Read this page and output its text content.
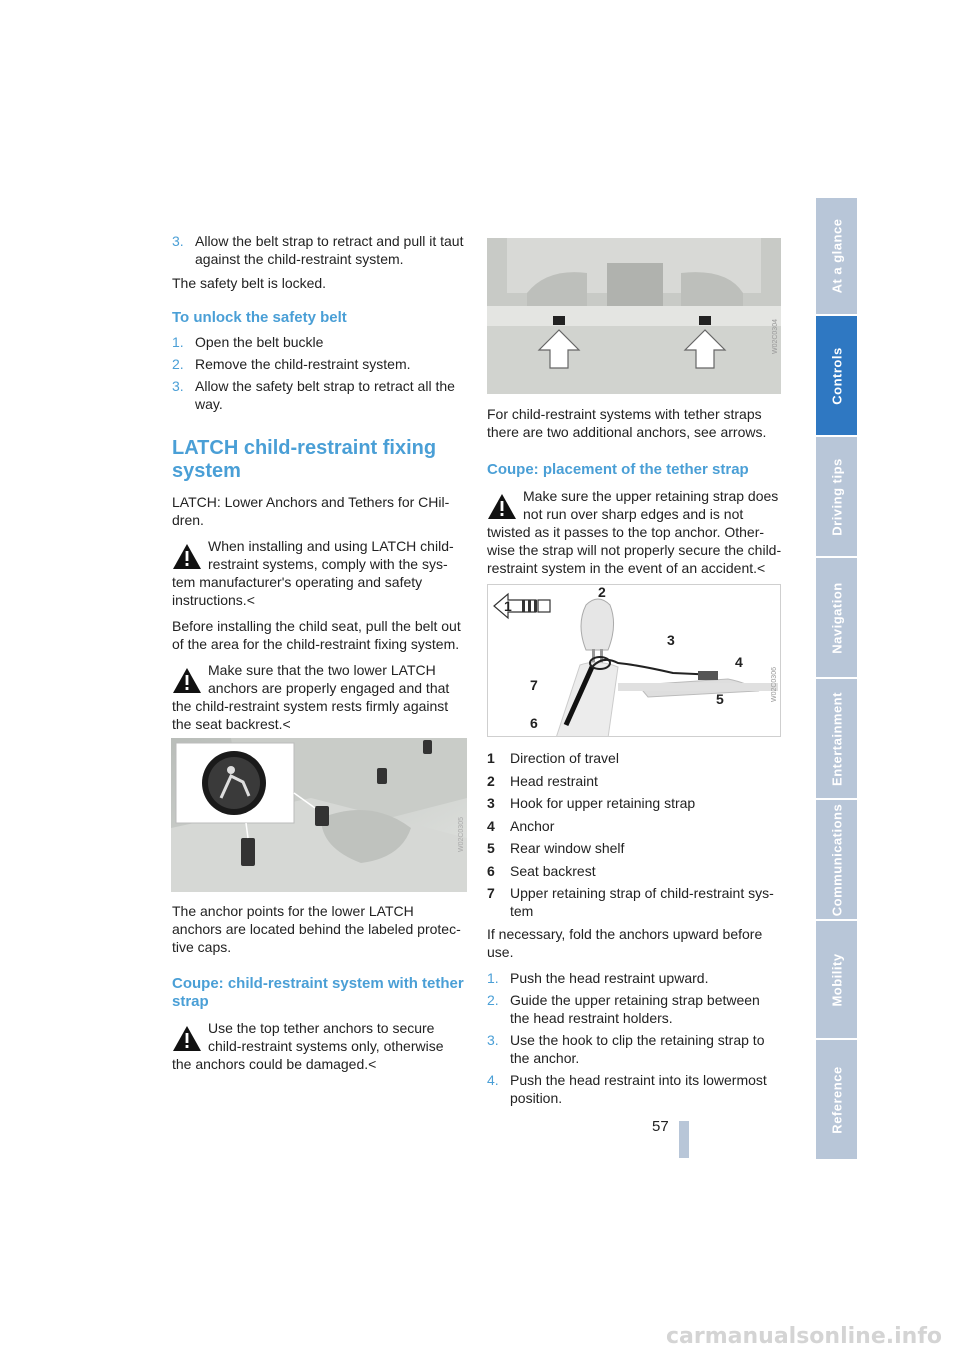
3. Allow the belt strap to retract and pull it taut against the child-restraint system.
The safety belt is locked.
To unlock the safety belt
1. Open the belt buckle
2. Remove the child-restraint system.
3. Allow the safety belt strap to retract all the way.
LATCH child-restraint fixing system
LATCH: Lower Anchors and Tethers for CHil-dren.
When installing and using LATCH child-restraint systems, comply with the sys-
tem manufacturer's operating and safety instructions.<
Before installing the child seat, pull the belt out of the area for the child-restraint fixing system.
Make sure that the two lower LATCH anchors are properly engaged and that
the child-restraint system rests firmly against the seat backrest.<
W02C0305
The anchor points for the lower LATCH anchors are located behind the labeled protec-tive caps.
Coupe: child-restraint system with tether strap
Use the top tether anchors to secure child-restraint systems only, otherwise
the anchors could be damaged.<
W02C0304
For child-restraint systems with tether straps there are two additional anchors, see arrows.
Coupe: placement of the tether strap
Make sure the upper retaining strap does not run over sharp edges and is not
twisted as it passes to the top anchor. Other-wise the strap will not properly secure the child-restraint system in the event of an accident.<
1
2
3
4
5
6
7	W02C0306
1	Direction of travel
2	Head restraint
3	Hook for upper retaining strap
4	Anchor
5	Rear window shelf
6	Seat backrest
7	Upper retaining strap of child-restraint sys-tem
If necessary, fold the anchors upward before use.
1. Push the head restraint upward.
2. Guide the upper retaining strap between the head restraint holders.
3. Use the hook to clip the retaining strap to the anchor.
4. Push the head restraint into its lowermost position.
57
At a glance
Controls
Driving tips
Navigation
Entertainment
Communications
Mobility
Reference
carmanualsonline.info
